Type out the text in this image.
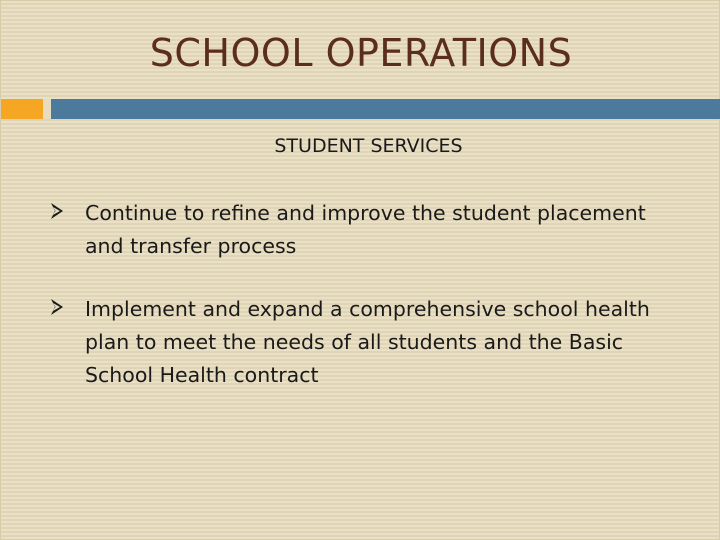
SCHOOL OPERATIONS
STUDENT SERVICES
Continue to refine and improve the student placement and transfer process
Implement and expand a comprehensive school health plan to meet the needs of all students and the Basic School Health contract
